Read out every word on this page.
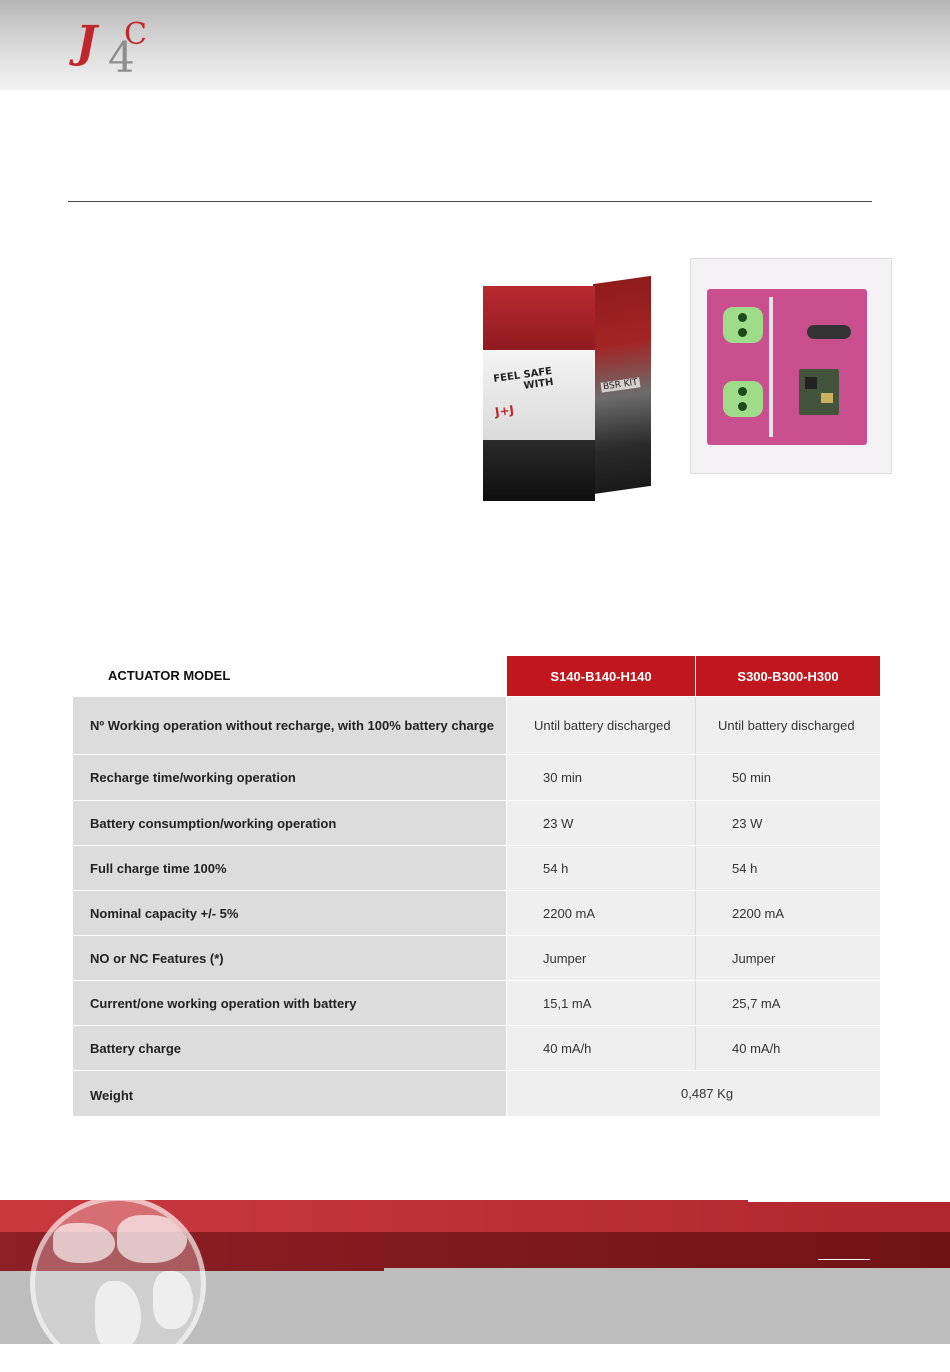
J 4
C
FEEL SAFE WITH
J+J
BSR KIT
ACTUATOR MODEL	S140-B140-H140	S300-B300-H300
Nº Working operation without recharge, with 100% battery charge	Until battery discharged	Until battery discharged
Recharge time/working operation	30 min	50 min
Battery consumption/working operation	23 W	23 W
Full charge time 100%	54 h	54 h
Nominal capacity +/- 5%	2200 mA	2200 mA
NO or NC Features (*)	Jumper	Jumper
Current/one working operation with battery	15,1 mA	25,7 mA
Battery charge	40 mA/h	40 mA/h
Weight	0,487 Kg
